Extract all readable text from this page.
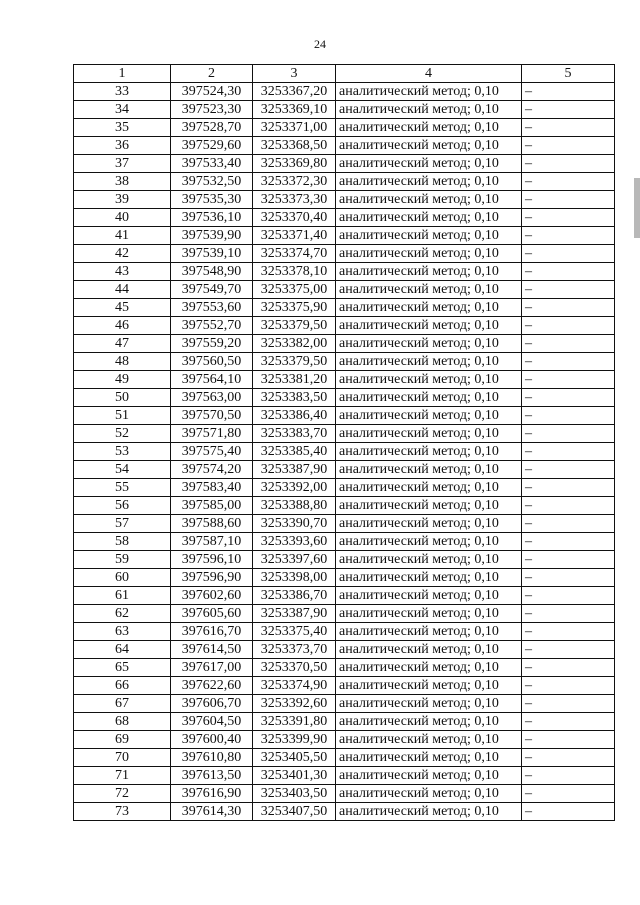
24
1	2	3	4	5
33	397524,30	3253367,20	аналитический метод; 0,10	–
34	397523,30	3253369,10	аналитический метод; 0,10	–
35	397528,70	3253371,00	аналитический метод; 0,10	–
36	397529,60	3253368,50	аналитический метод; 0,10	–
37	397533,40	3253369,80	аналитический метод; 0,10	–
38	397532,50	3253372,30	аналитический метод; 0,10	–
39	397535,30	3253373,30	аналитический метод; 0,10	–
40	397536,10	3253370,40	аналитический метод; 0,10	–
41	397539,90	3253371,40	аналитический метод; 0,10	–
42	397539,10	3253374,70	аналитический метод; 0,10	–
43	397548,90	3253378,10	аналитический метод; 0,10	–
44	397549,70	3253375,00	аналитический метод; 0,10	–
45	397553,60	3253375,90	аналитический метод; 0,10	–
46	397552,70	3253379,50	аналитический метод; 0,10	–
47	397559,20	3253382,00	аналитический метод; 0,10	–
48	397560,50	3253379,50	аналитический метод; 0,10	–
49	397564,10	3253381,20	аналитический метод; 0,10	–
50	397563,00	3253383,50	аналитический метод; 0,10	–
51	397570,50	3253386,40	аналитический метод; 0,10	–
52	397571,80	3253383,70	аналитический метод; 0,10	–
53	397575,40	3253385,40	аналитический метод; 0,10	–
54	397574,20	3253387,90	аналитический метод; 0,10	–
55	397583,40	3253392,00	аналитический метод; 0,10	–
56	397585,00	3253388,80	аналитический метод; 0,10	–
57	397588,60	3253390,70	аналитический метод; 0,10	–
58	397587,10	3253393,60	аналитический метод; 0,10	–
59	397596,10	3253397,60	аналитический метод; 0,10	–
60	397596,90	3253398,00	аналитический метод; 0,10	–
61	397602,60	3253386,70	аналитический метод; 0,10	–
62	397605,60	3253387,90	аналитический метод; 0,10	–
63	397616,70	3253375,40	аналитический метод; 0,10	–
64	397614,50	3253373,70	аналитический метод; 0,10	–
65	397617,00	3253370,50	аналитический метод; 0,10	–
66	397622,60	3253374,90	аналитический метод; 0,10	–
67	397606,70	3253392,60	аналитический метод; 0,10	–
68	397604,50	3253391,80	аналитический метод; 0,10	–
69	397600,40	3253399,90	аналитический метод; 0,10	–
70	397610,80	3253405,50	аналитический метод; 0,10	–
71	397613,50	3253401,30	аналитический метод; 0,10	–
72	397616,90	3253403,50	аналитический метод; 0,10	–
73	397614,30	3253407,50	аналитический метод; 0,10	–
